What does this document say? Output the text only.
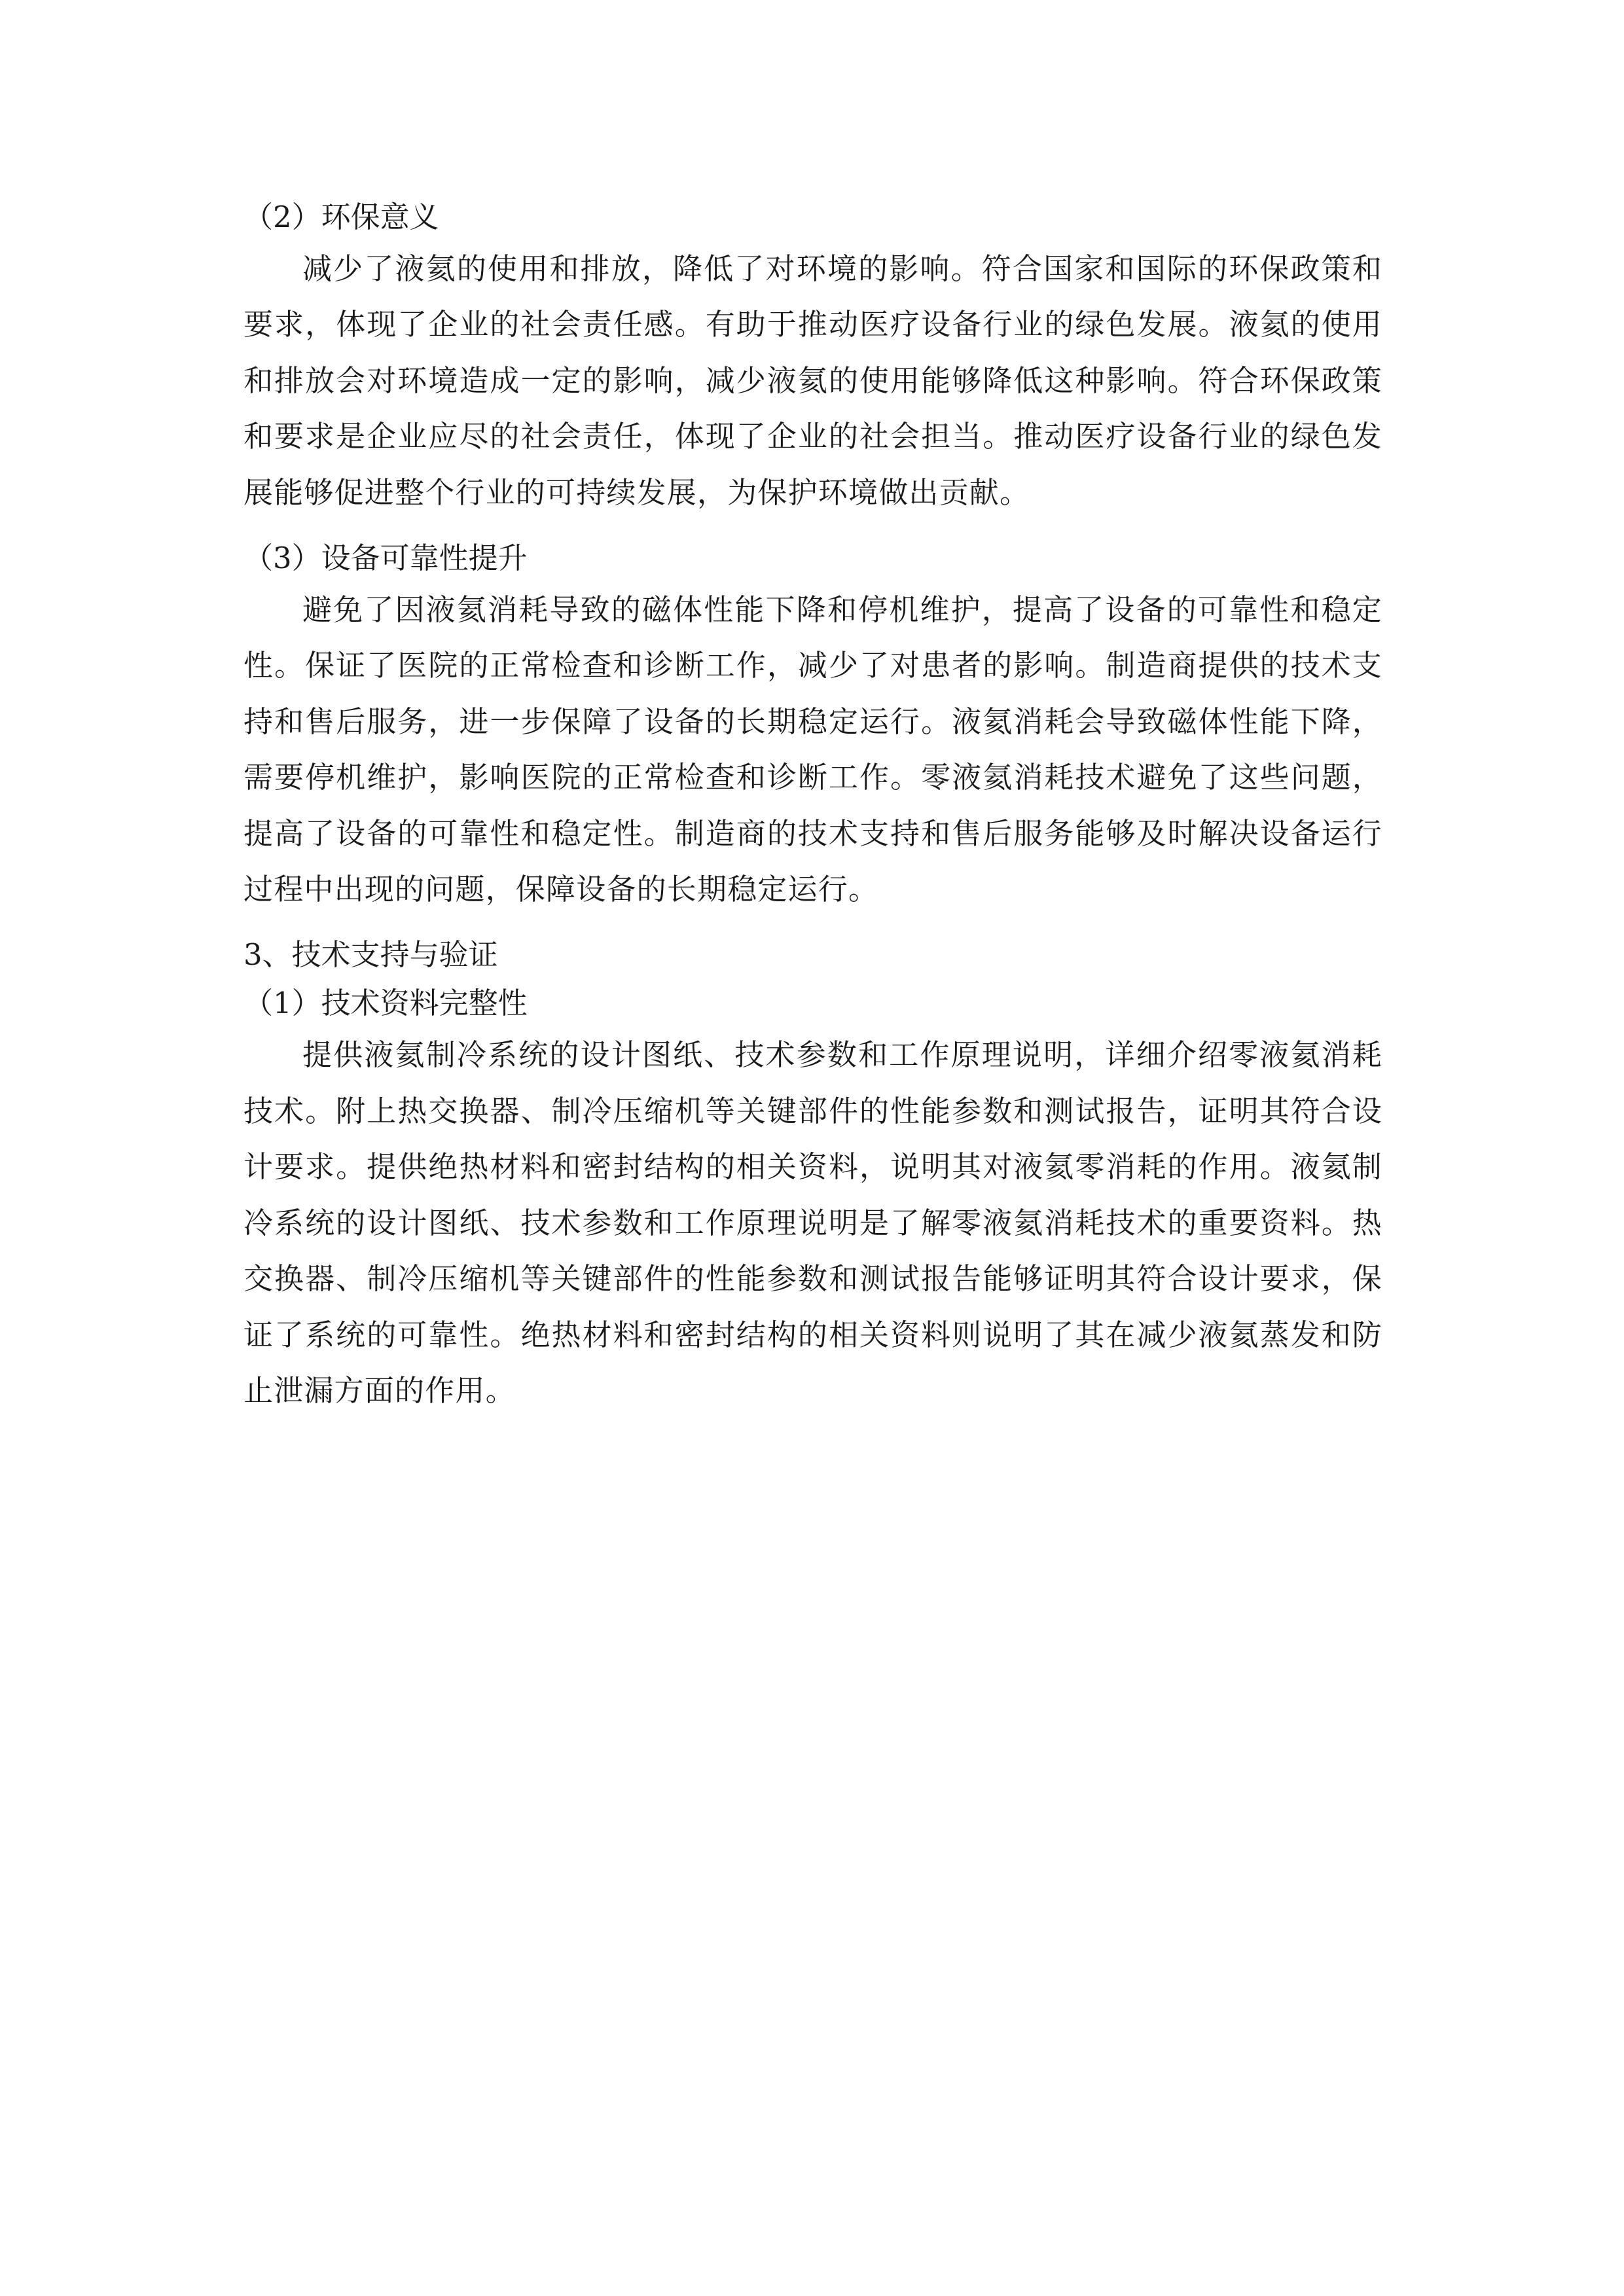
（2）环保意义

减少了液氦的使用和排放，降低了对环境的影响。符合国家和国际的环保政策和要求，体现了企业的社会责任感。有助于推动医疗设备行业的绿色发展。液氦的使用和排放会对环境造成一定的影响，减少液氦的使用能够降低这种影响。符合环保政策和要求是企业应尽的社会责任，体现了企业的社会担当。推动医疗设备行业的绿色发展能够促进整个行业的可持续发展，为保护环境做出贡献。

（3）设备可靠性提升

避免了因液氦消耗导致的磁体性能下降和停机维护，提高了设备的可靠性和稳定性。保证了医院的正常检查和诊断工作，减少了对患者的影响。制造商提供的技术支持和售后服务，进一步保障了设备的长期稳定运行。液氦消耗会导致磁体性能下降，需要停机维护，影响医院的正常检查和诊断工作。零液氦消耗技术避免了这些问题，提高了设备的可靠性和稳定性。制造商的技术支持和售后服务能够及时解决设备运行过程中出现的问题，保障设备的长期稳定运行。

3、技术支持与验证

（1）技术资料完整性

提供液氦制冷系统的设计图纸、技术参数和工作原理说明，详细介绍零液氦消耗技术。附上热交换器、制冷压缩机等关键部件的性能参数和测试报告，证明其符合设计要求。提供绝热材料和密封结构的相关资料，说明其对液氦零消耗的作用。液氦制冷系统的设计图纸、技术参数和工作原理说明是了解零液氦消耗技术的重要资料。热交换器、制冷压缩机等关键部件的性能参数和测试报告能够证明其符合设计要求，保证了系统的可靠性。绝热材料和密封结构的相关资料则说明了其在减少液氦蒸发和防止泄漏方面的作用。
